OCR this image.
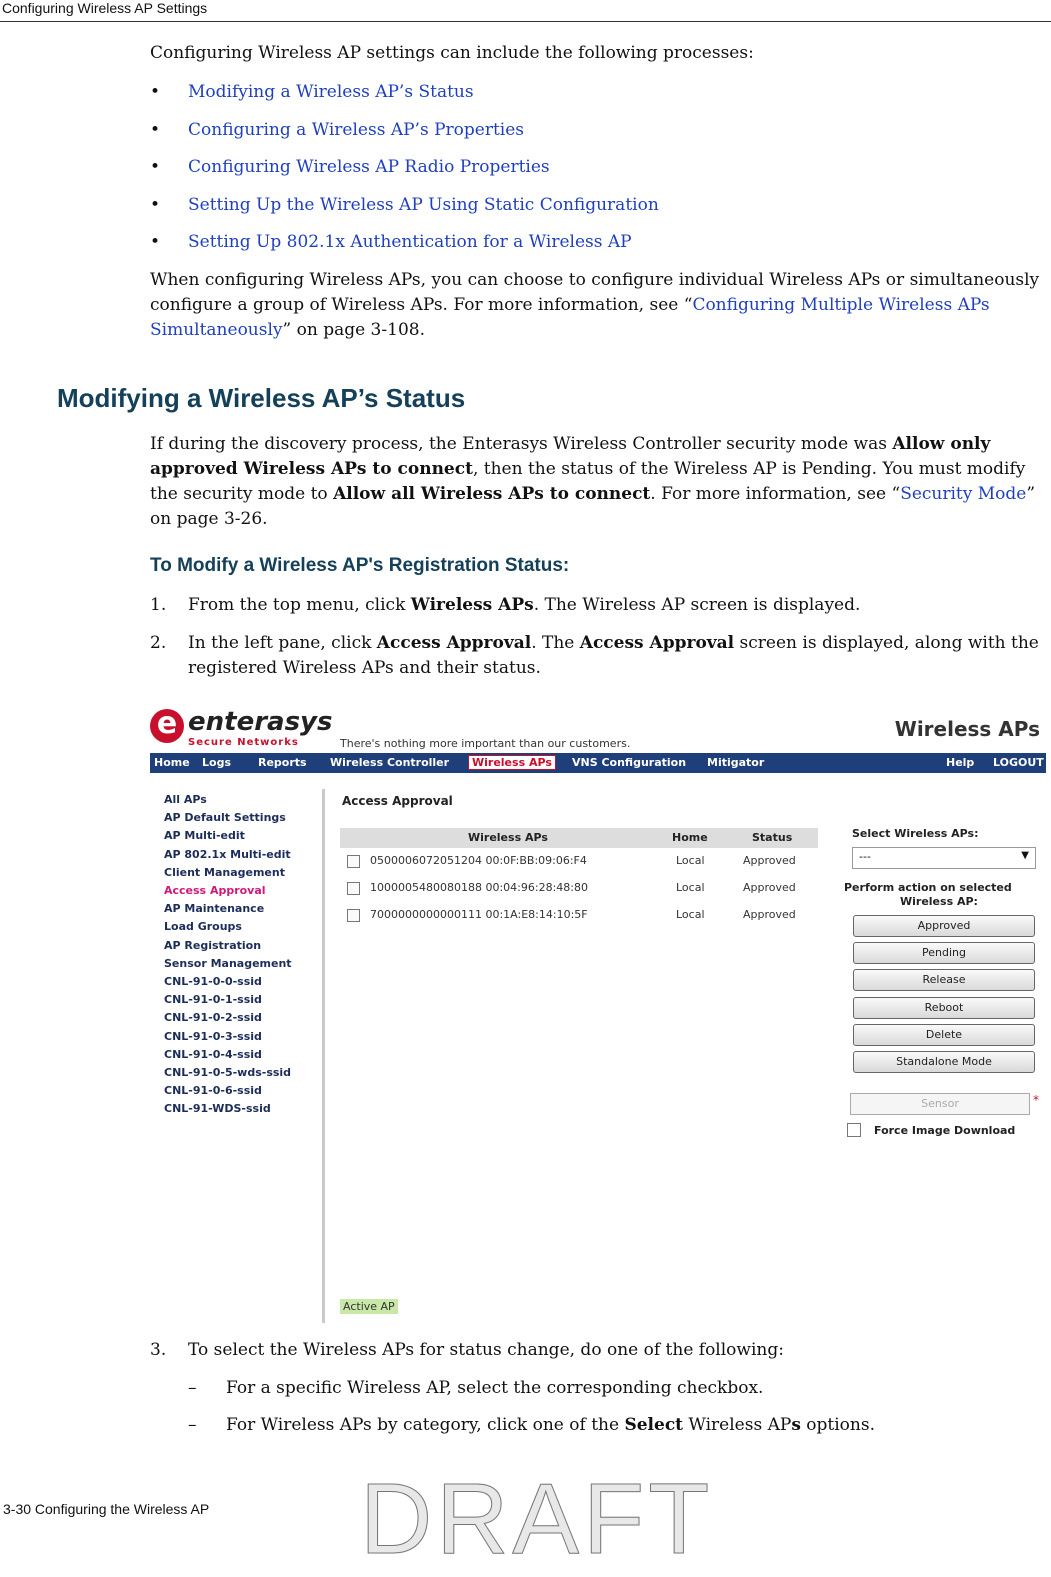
Configuring Wireless AP Settings
Configuring Wireless AP settings can include the following processes:
• Modifying a Wireless AP’s Status
• Configuring a Wireless AP’s Properties
• Configuring Wireless AP Radio Properties
• Setting Up the Wireless AP Using Static Configuration
• Setting Up 802.1x Authentication for a Wireless AP
When configuring Wireless APs, you can choose to configure individual Wireless APs or simultaneously configure a group of Wireless APs. For more information, see “Configuring Multiple Wireless APs Simultaneously” on page 3-108.
Modifying a Wireless AP’s Status
If during the discovery process, the Enterasys Wireless Controller security mode was Allow only approved Wireless APs to connect, then the status of the Wireless AP is Pending. You must modify the security mode to Allow all Wireless APs to connect. For more information, see “Security Mode” on page 3-26.
To Modify a Wireless AP's Registration Status:
1. From the top menu, click Wireless APs. The Wireless AP screen is displayed.
2. In the left pane, click Access Approval. The Access Approval screen is displayed, along with the registered Wireless APs and their status.
e enterasys
Secure Networks	There's nothing more important than our customers.
Wireless APs
Home Logs Reports Wireless Controller	Wireless APs	VNS Configuration Mitigator	Help LOGOUT
All APs
AP Default Settings
AP Multi-edit
AP 802.1x Multi-edit
Client Management
Access Approval
AP Maintenance
Load Groups
AP Registration
Sensor Management
CNL-91-0-0-ssid
CNL-91-0-1-ssid
CNL-91-0-2-ssid
CNL-91-0-3-ssid
CNL-91-0-4-ssid
CNL-91-0-5-wds-ssid
CNL-91-0-6-ssid
CNL-91-WDS-ssid
Access Approval
Wireless APs	Home	Status
0500006072051204 00:0F:BB:09:06:F4	Local	Approved
1000005480080188 00:04:96:28:48:80	Local	Approved
7000000000000111 00:1A:E8:14:10:5F	Local	Approved
Select Wireless APs:
---	▼
Perform action on selected
Wireless AP:
Approved
Pending
Release
Reboot
Delete
Standalone Mode
Sensor	*
Force Image Download
Active AP
3. To select the Wireless APs for status change, do one of the following:
– For a specific Wireless AP, select the corresponding checkbox.
– For Wireless APs by category, click one of the Select Wireless APs options.
3-30 Configuring the Wireless AP DRAFT
